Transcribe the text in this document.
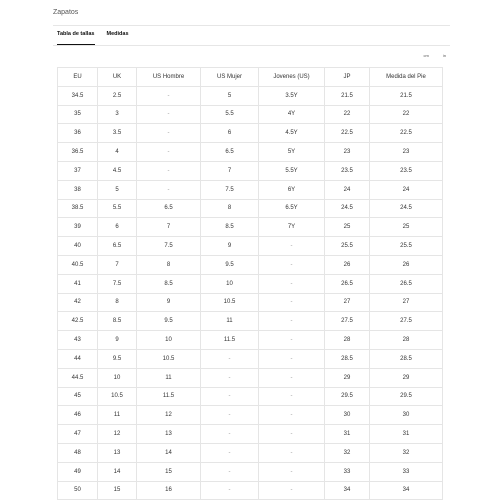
Zapatos
Tabla de tallas Medidas
cm	in
EU	UK	US Hombre	US Mujer	Jovenes (US)	JP	Medida del Pie
34.5	2.5	-	5	3.5Y	21.5	21.5
35	3	-	5.5	4Y	22	22
36	3.5	-	6	4.5Y	22.5	22.5
36.5	4	-	6.5	5Y	23	23
37	4.5	-	7	5.5Y	23.5	23.5
38	5	-	7.5	6Y	24	24
38.5	5.5	6.5	8	6.5Y	24.5	24.5
39	6	7	8.5	7Y	25	25
40	6.5	7.5	9	-	25.5	25.5
40.5	7	8	9.5	-	26	26
41	7.5	8.5	10	-	26.5	26.5
42	8	9	10.5	-	27	27
42.5	8.5	9.5	11	-	27.5	27.5
43	9	10	11.5	-	28	28
44	9.5	10.5	-	-	28.5	28.5
44.5	10	11	-	-	29	29
45	10.5	11.5	-	-	29.5	29.5
46	11	12	-	-	30	30
47	12	13	-	-	31	31
48	13	14	-	-	32	32
49	14	15	-	-	33	33
50	15	16	-	-	34	34
